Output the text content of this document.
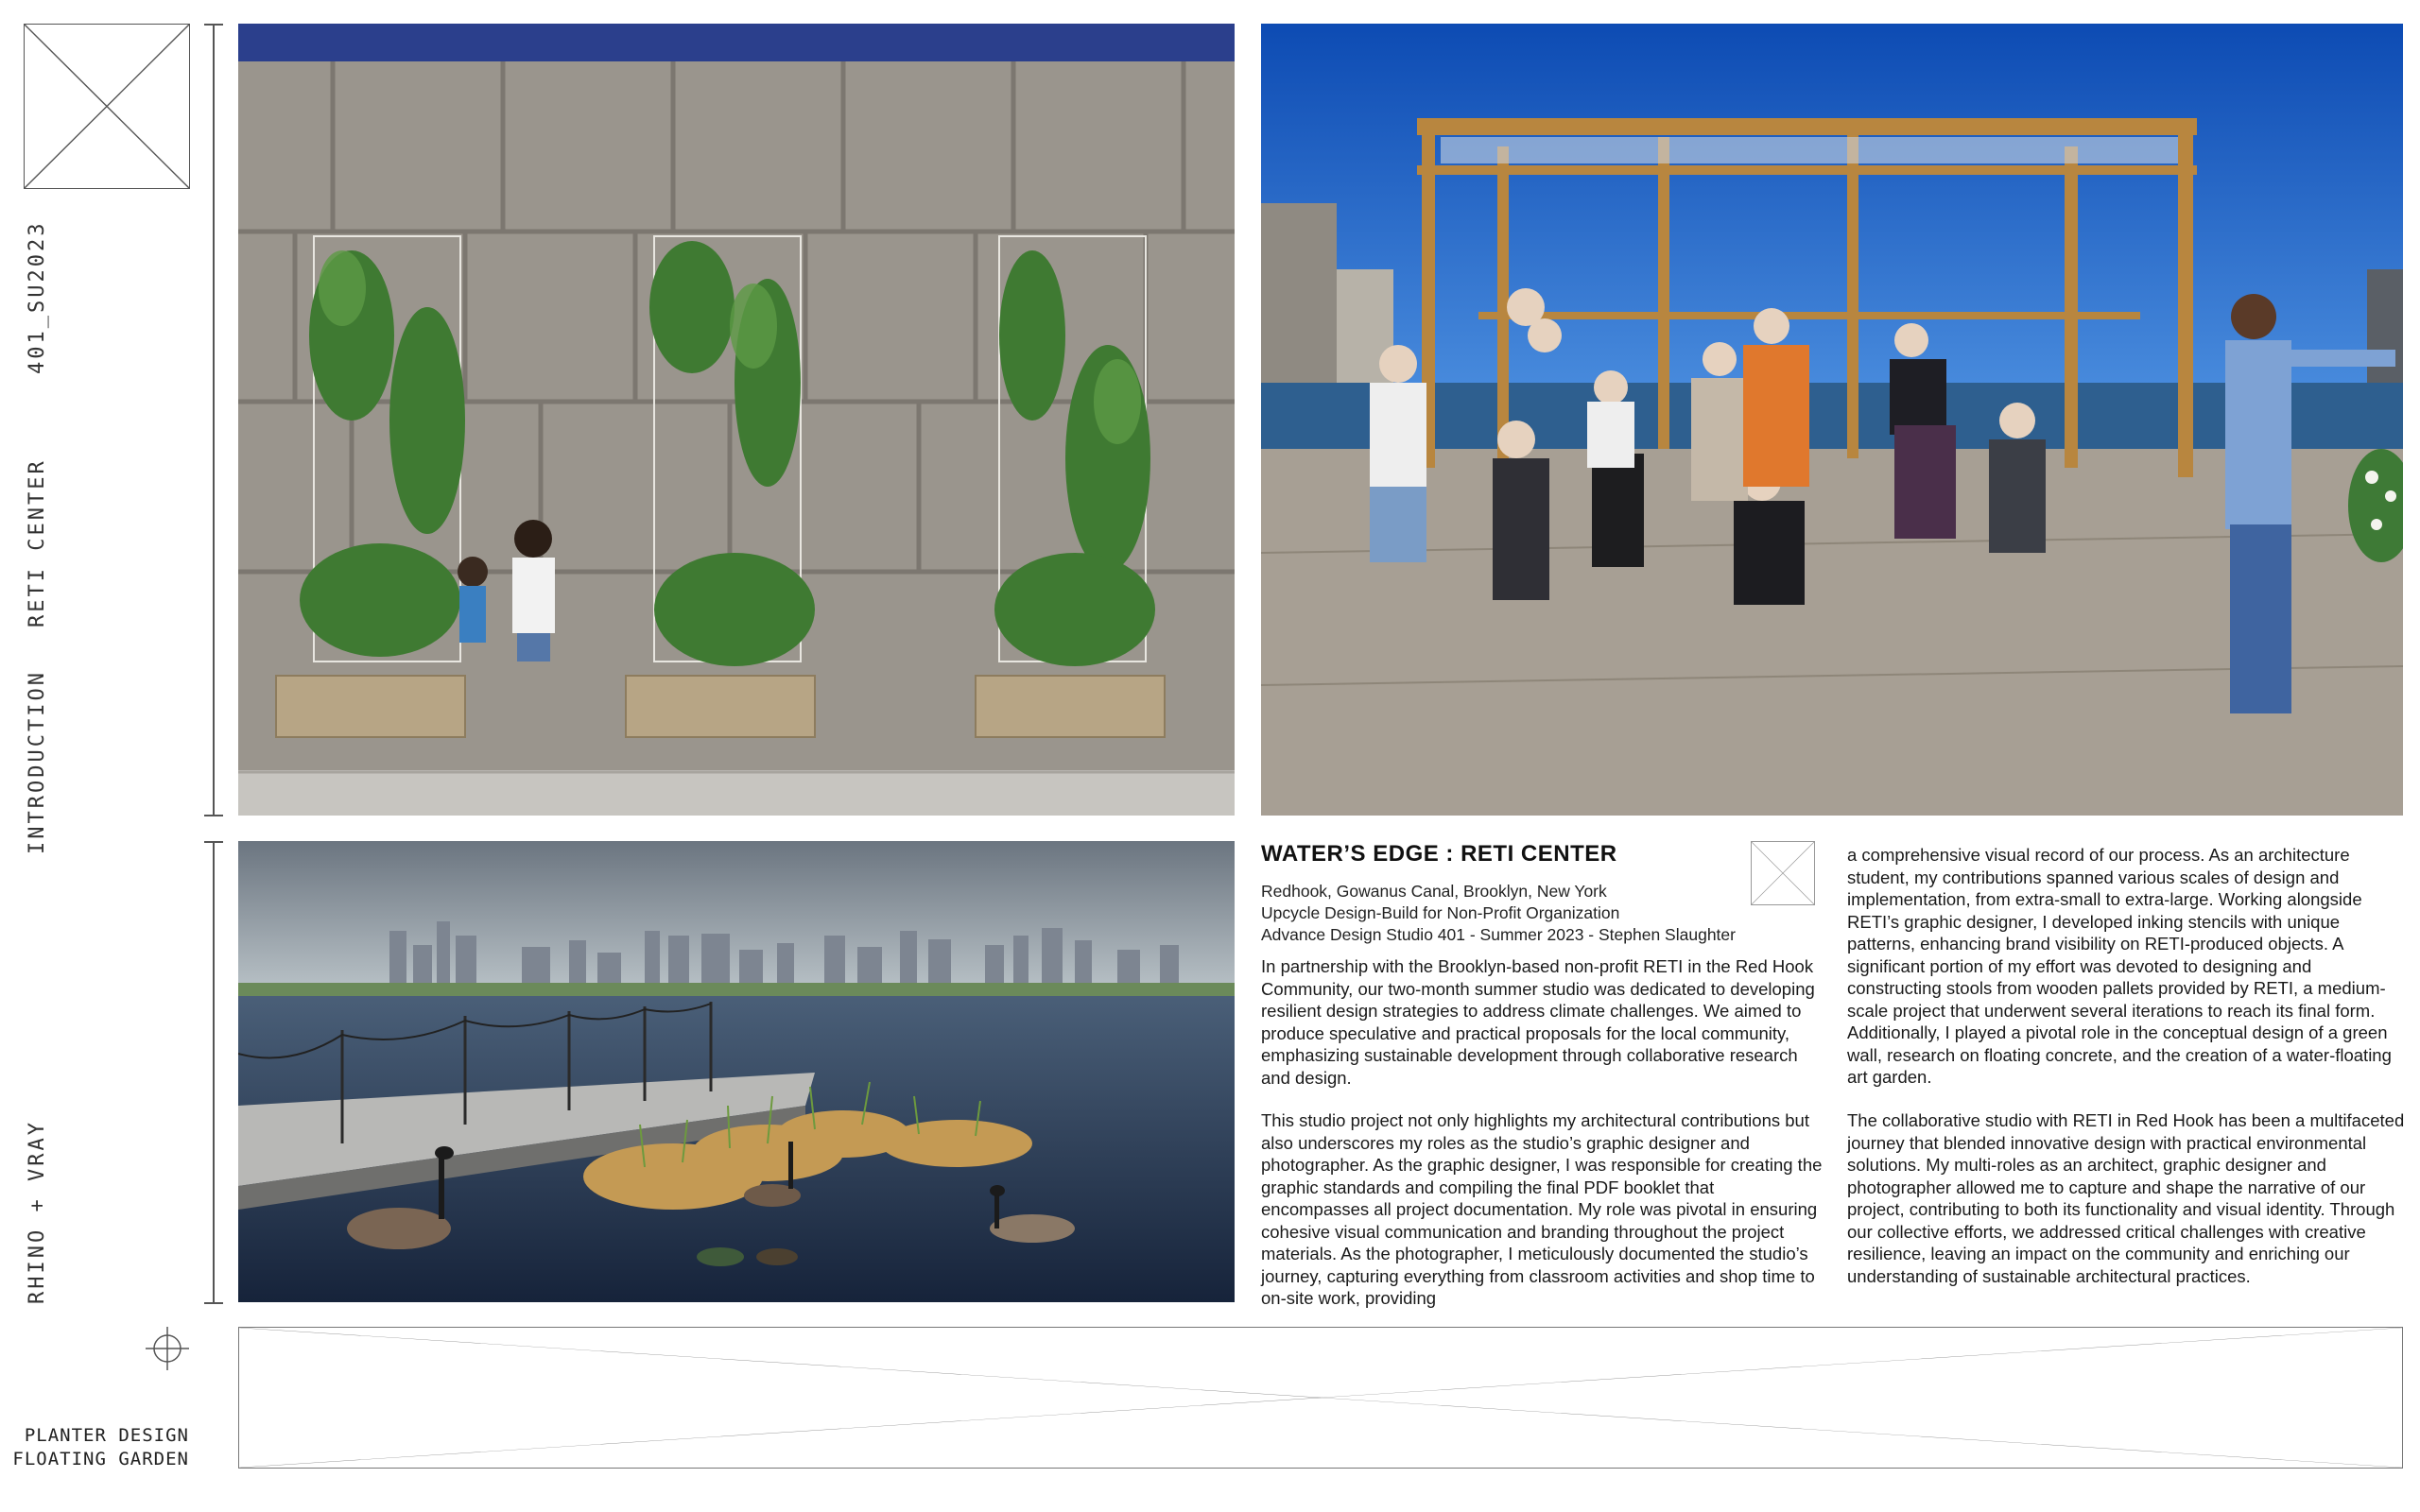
401_SU2023
RETI CENTER
INTRODUCTION
RHINO + VRAY
PLANTER DESIGN
FLOATING GARDEN
WATER’S EDGE : RETI CENTER
Redhook, Gowanus Canal, Brooklyn, New York
Upcycle Design-Build for Non-Profit Organization
Advance Design Studio 401 - Summer 2023 - Stephen Slaughter
In partnership with the Brooklyn-based non-profit RETI in the Red Hook Community, our two-month summer studio was dedicated to developing resilient design strategies to address climate challenges. We aimed to produce speculative and practical proposals for the local community, emphasizing sustainable development through collaborative research and design.
This studio project not only highlights my architectural contributions but also underscores my roles as the studio’s graphic designer and photographer. As the graphic designer, I was responsible for creating the graphic standards and compiling the final PDF booklet that encompasses all project documentation. My role was pivotal in ensuring cohesive visual communication and branding throughout the project materials. As the photographer, I meticulously documented the studio’s journey, capturing everything from classroom activities and shop time to on-site work, providing
a comprehensive visual record of our process. As an architecture student, my contributions spanned various scales of design and implementation, from extra-small to extra-large. Working alongside RETI’s graphic designer, I developed inking stencils with unique patterns, enhancing brand visibility on RETI-produced objects. A significant portion of my effort was devoted to designing and constructing stools from wooden pallets provided by RETI, a medium-scale project that underwent several iterations to reach its final form. Additionally, I played a pivotal role in the conceptual design of a green wall, research on floating concrete, and the creation of a water-floating art garden.
The collaborative studio with RETI in Red Hook has been a multifaceted journey that blended innovative design with practical environmental solutions. My multi-roles as an architect, graphic designer and photographer allowed me to capture and shape the narrative of our project, contributing to both its functionality and visual identity. Through our collective efforts, we addressed critical challenges with creative resilience, leaving an impact on the community and enriching our understanding of sustainable architectural practices.
